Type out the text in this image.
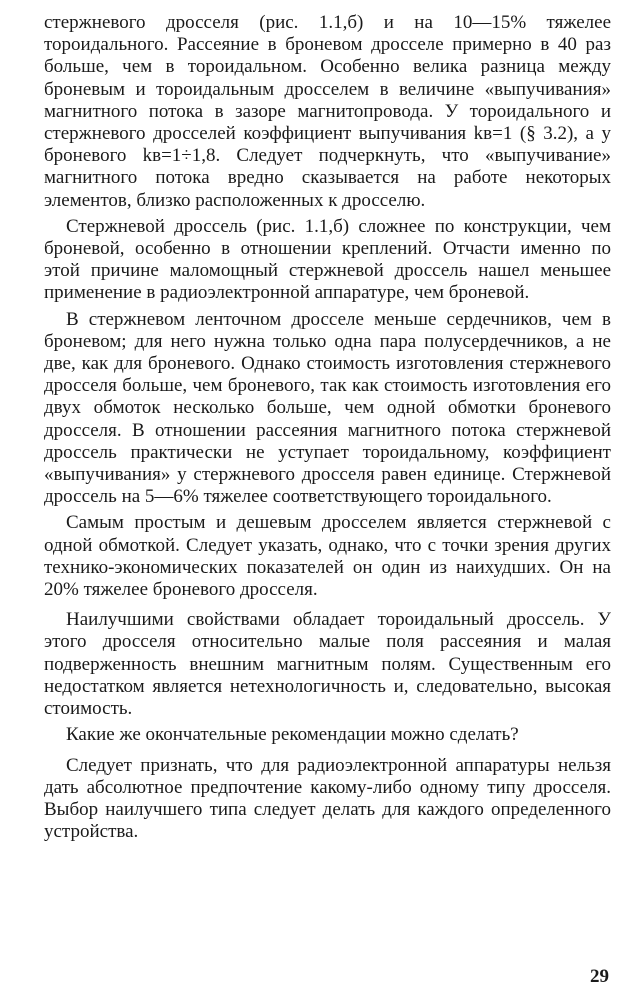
стержневого дросселя (рис. 1.1,б) и на 10—15% тяжелее тороидального. Рассеяние в броневом дросселе примерно в 40 раз больше, чем в тороидальном. Особенно велика разница между броневым и тороидальным дросселем в величине «выпучивания» магнитного потока в зазоре магнитопровода. У тороидального и стержневого дросселей коэффициент выпучивания kв=1 (§ 3.2), а у броневого kв=1÷1,8. Следует подчеркнуть, что «выпучивание» магнитного потока вредно сказывается на работе некоторых элементов, близко расположенных к дросселю.

Стержневой дроссель (рис. 1.1,б) сложнее по конструкции, чем броневой, особенно в отношении креплений. Отчасти именно по этой причине маломощный стержневой дроссель нашел меньшее применение в радиоэлектронной аппаратуре, чем броневой.

В стержневом ленточном дросселе меньше сердечников, чем в броневом; для него нужна только одна пара полусердечников, а не две, как для броневого. Однако стоимость изготовления стержневого дросселя больше, чем броневого, так как стоимость изготовления его двух обмоток несколько больше, чем одной обмотки броневого дросселя. В отношении рассеяния магнитного потока стержневой дроссель практически не уступает тороидальному, коэффициент «выпучивания» у стержневого дросселя равен единице. Стержневой дроссель на 5—6% тяжелее соответствующего тороидального.

Самым простым и дешевым дросселем является стержневой с одной обмоткой. Следует указать, однако, что с точки зрения других технико-экономических показателей он один из наихудших. Он на 20% тяжелее броневого дросселя.

Наилучшими свойствами обладает тороидальный дроссель. У этого дросселя относительно малые поля рассеяния и малая подверженность внешним магнитным полям. Существенным его недостатком является нетехнологичность и, следовательно, высокая стоимость.

Какие же окончательные рекомендации можно сделать?

Следует признать, что для радиоэлектронной аппаратуры нельзя дать абсолютное предпочтение какому-либо одному типу дросселя. Выбор наилучшего типа следует делать для каждого определенного устройства.

29
